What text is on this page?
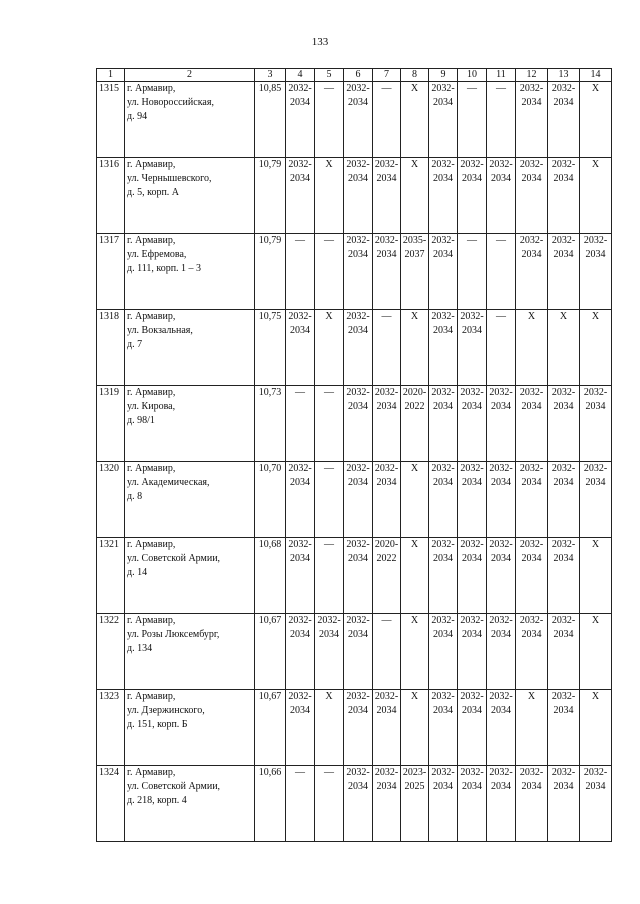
133
1	2	3	4	5	6	7	8	9	10	11	12	13	14
1315	г. Армавир,
ул. Новороссийская,
д. 94	10,85	2032-
2034	—	2032-
2034	—	Х	2032-
2034	—	—	2032-
2034	2032-
2034	Х

1316	г. Армавир,
ул. Чернышевского,
д. 5, корп. А	10,79	2032-
2034	Х	2032-
2034	2032-
2034	Х	2032-
2034	2032-
2034	2032-
2034	2032-
2034	2032-
2034	Х

1317	г. Армавир,
ул. Ефремова,
д. 111, корп. 1 – 3	10,79	—	—	2032-
2034	2032-
2034	2035-
2037	2032-
2034	—	—	2032-
2034	2032-
2034	2032-
2034

1318	г. Армавир,
ул. Вокзальная,
д. 7	10,75	2032-
2034	Х	2032-
2034	—	Х	2032-
2034	2032-
2034	—	Х	Х	Х

1319	г. Армавир,
ул. Кирова,
д. 98/1	10,73	—	—	2032-
2034	2032-
2034	2020-
2022	2032-
2034	2032-
2034	2032-
2034	2032-
2034	2032-
2034	2032-
2034

1320	г. Армавир,
ул. Академическая,
д. 8	10,70	2032-
2034	—	2032-
2034	2032-
2034	Х	2032-
2034	2032-
2034	2032-
2034	2032-
2034	2032-
2034	2032-
2034

1321	г. Армавир,
ул. Советской Армии,
д. 14	10,68	2032-
2034	—	2032-
2034	2020-
2022	Х	2032-
2034	2032-
2034	2032-
2034	2032-
2034	2032-
2034	Х

1322	г. Армавир,
ул. Розы Люксембург,
д. 134	10,67	2032-
2034	2032-
2034	2032-
2034	—	Х	2032-
2034	2032-
2034	2032-
2034	2032-
2034	2032-
2034	Х

1323	г. Армавир,
ул. Дзержинского,
д. 151, корп. Б	10,67	2032-
2034	Х	2032-
2034	2032-
2034	Х	2032-
2034	2032-
2034	2032-
2034	Х	2032-
2034	Х

1324	г. Армавир,
ул. Советской Армии,
д. 218, корп. 4	10,66	—	—	2032-
2034	2032-
2034	2023-
2025	2032-
2034	2032-
2034	2032-
2034	2032-
2034	2032-
2034	2032-
2034
